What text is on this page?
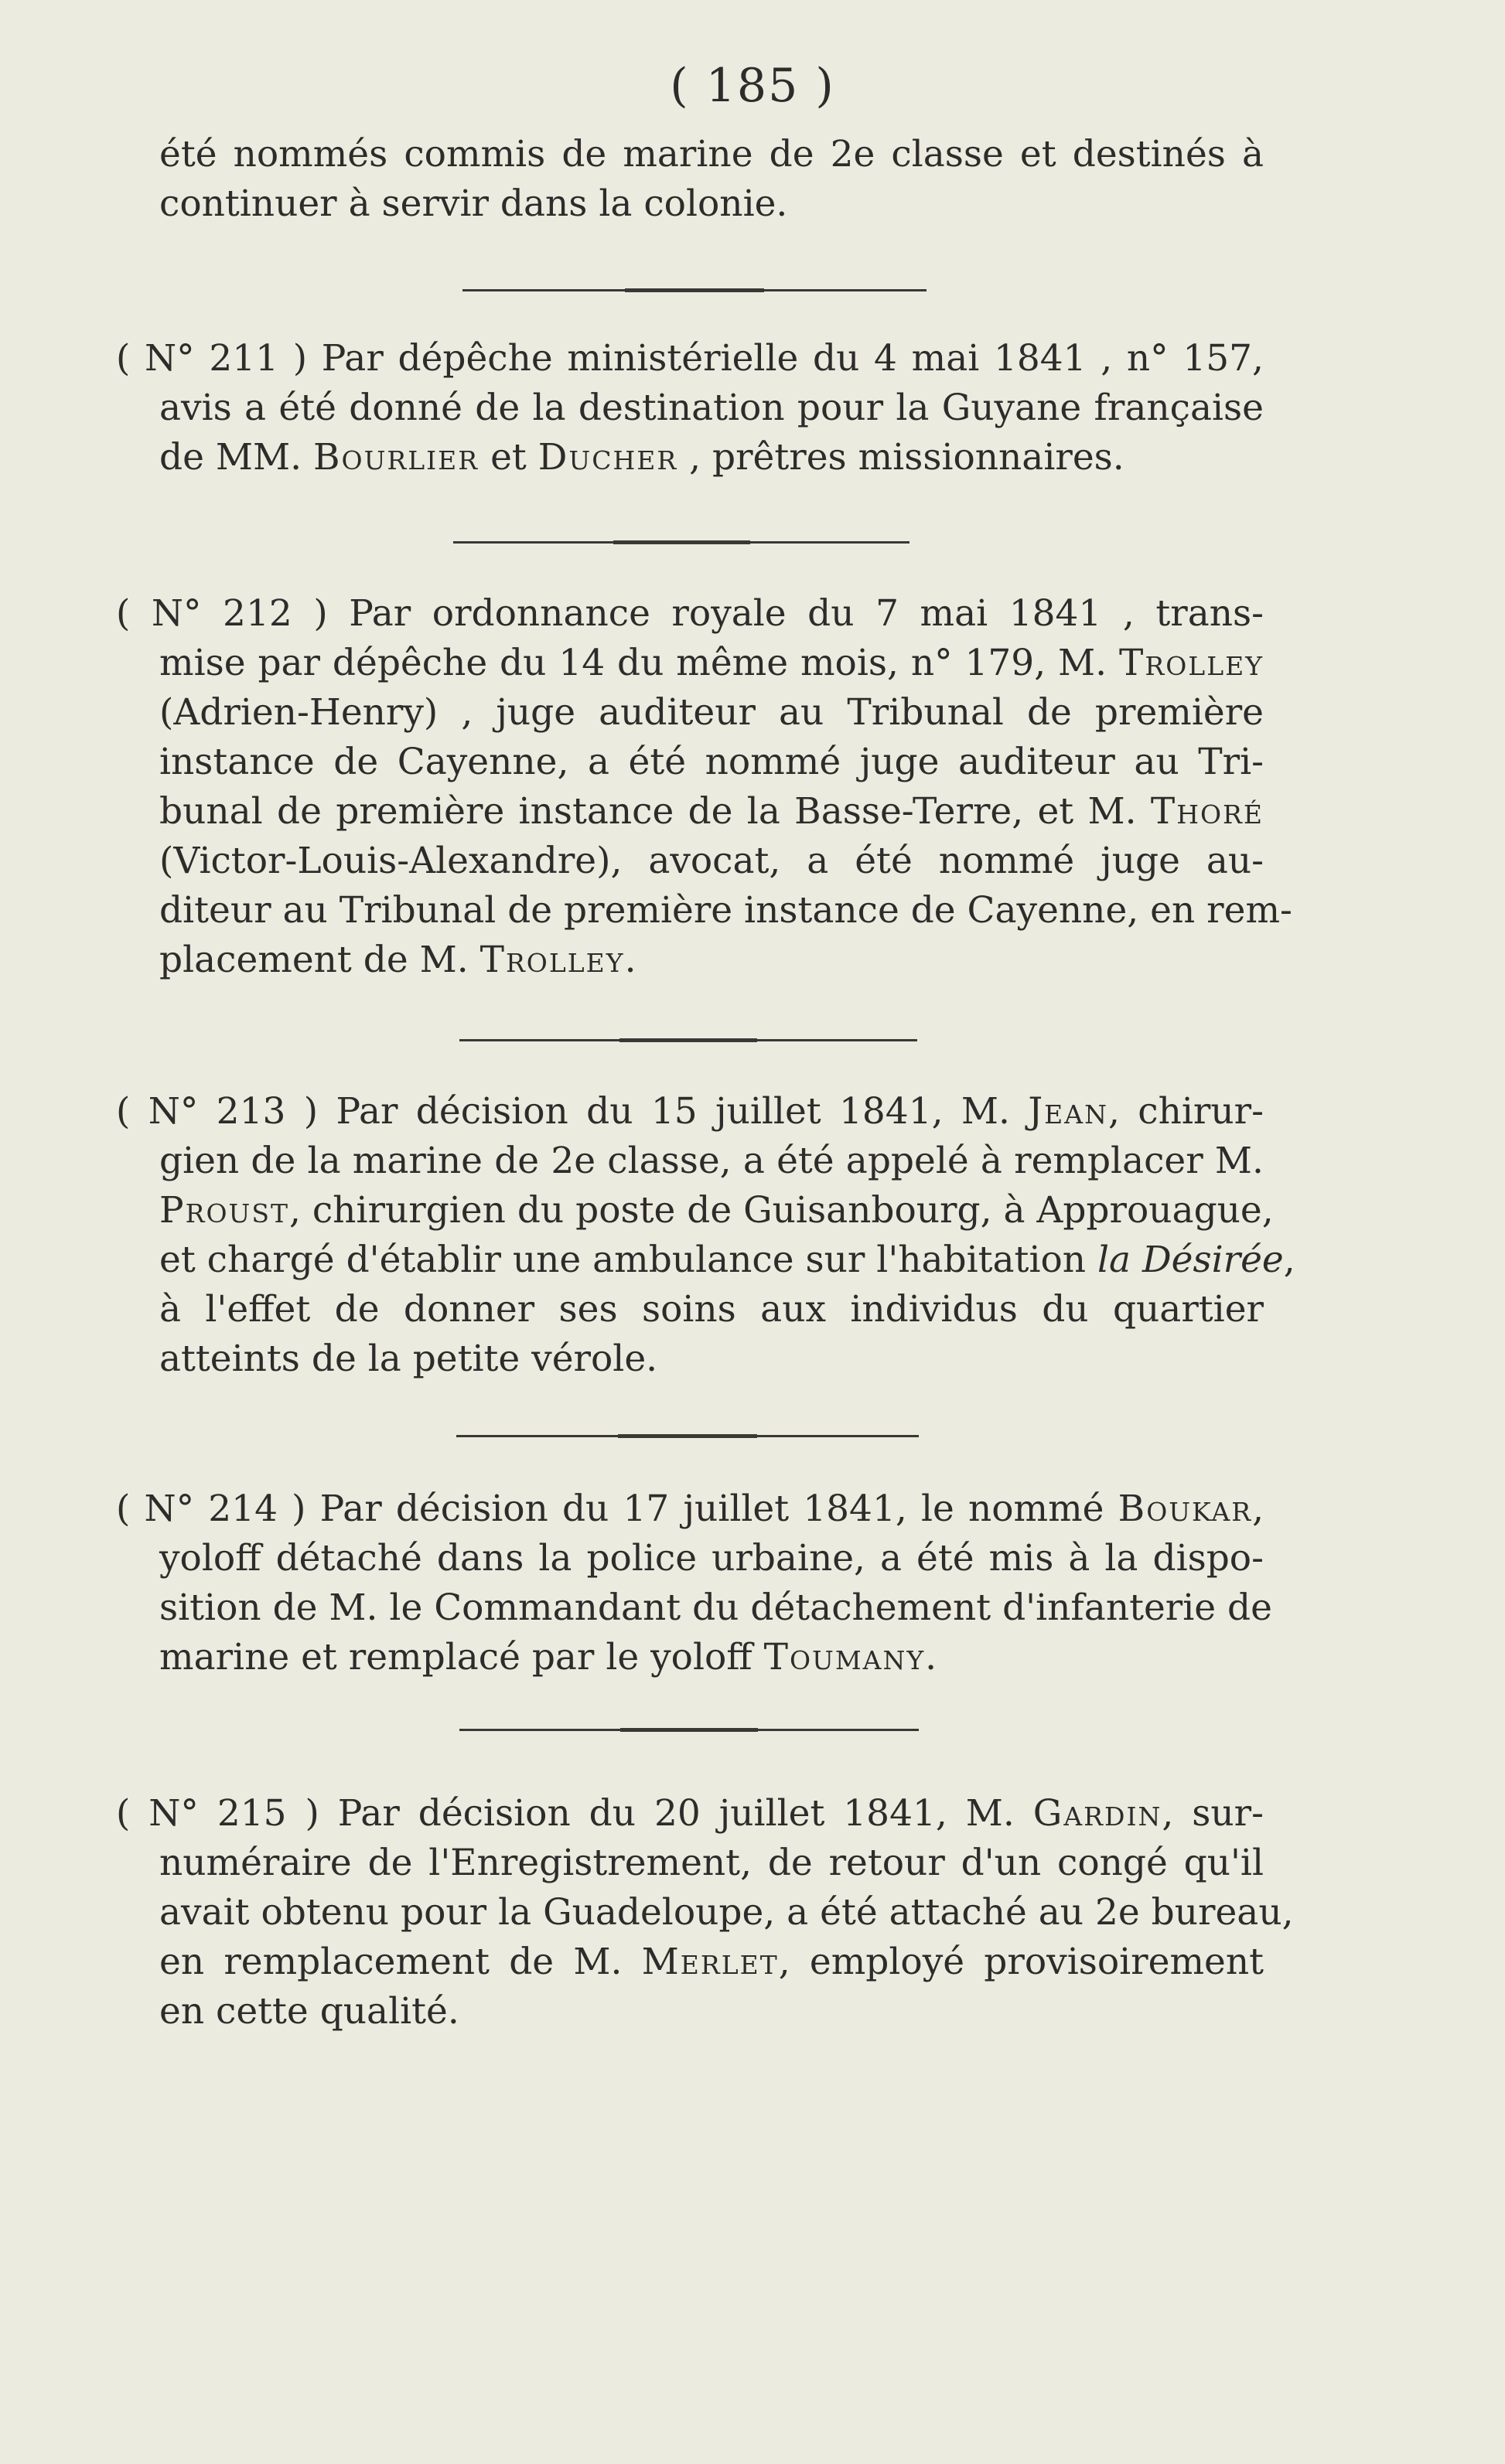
( 185 )
été nommés commis de marine de 2e classe et destinés à
continuer à servir dans la colonie.
( N° 211 ) Par dépêche ministérielle du 4 mai 1841 , n° 157,
avis a été donné de la destination pour la Guyane française
de MM. Bourlier et Ducher , prêtres missionnaires.
( N° 212 ) Par ordonnance royale du 7 mai 1841 , trans-
mise par dépêche du 14 du même mois, n° 179, M. Trolley
(Adrien-Henry) , juge auditeur au Tribunal de première
instance de Cayenne, a été nommé juge auditeur au Tri-
bunal de première instance de la Basse-Terre, et M. Thoré
(Victor-Louis-Alexandre), avocat, a été nommé juge au-
diteur au Tribunal de première instance de Cayenne, en rem-
placement de M. Trolley.
( N° 213 ) Par décision du 15 juillet 1841, M. Jean, chirur-
gien de la marine de 2e classe, a été appelé à remplacer M.
Proust, chirurgien du poste de Guisanbourg, à Approuague,
et chargé d'établir une ambulance sur l'habitation la Désirée,
à l'effet de donner ses soins aux individus du quartier
atteints de la petite vérole.
( N° 214 ) Par décision du 17 juillet 1841, le nommé Boukar,
yoloff détaché dans la police urbaine, a été mis à la dispo-
sition de M. le Commandant du détachement d'infanterie de
marine et remplacé par le yoloff Toumany.
( N° 215 ) Par décision du 20 juillet 1841, M. Gardin, sur-
numéraire de l'Enregistrement, de retour d'un congé qu'il
avait obtenu pour la Guadeloupe, a été attaché au 2e bureau,
en remplacement de M. Merlet, employé provisoirement
en cette qualité.
